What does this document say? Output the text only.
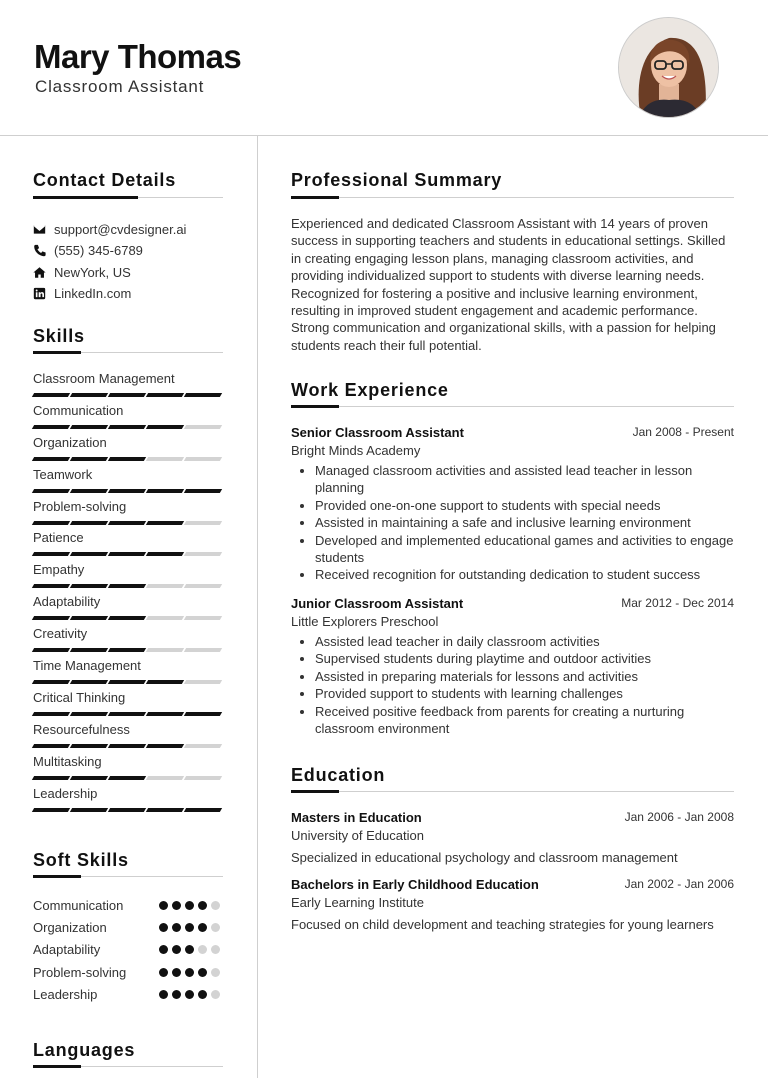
Mary Thomas
Classroom Assistant
Contact Details
support@cvdesigner.ai
(555) 345-6789
NewYork, US
LinkedIn.com
Skills
Classroom Management
Communication
Organization
Teamwork
Problem-solving
Patience
Empathy
Adaptability
Creativity
Time Management
Critical Thinking
Resourcefulness
Multitasking
Leadership
Soft Skills
Communication
Organization
Adaptability
Problem-solving
Leadership
Languages
Professional Summary
Experienced and dedicated Classroom Assistant with 14 years of proven success in supporting teachers and students in educational settings. Skilled in creating engaging lesson plans, managing classroom activities, and providing individualized support to students with diverse learning needs. Recognized for fostering a positive and inclusive learning environment, resulting in improved student engagement and academic performance. Strong communication and organizational skills, with a passion for helping students reach their full potential.
Work Experience
Senior Classroom Assistant	Jan 2008 - Present
Bright Minds Academy
Managed classroom activities and assisted lead teacher in lesson planning
Provided one-on-one support to students with special needs
Assisted in maintaining a safe and inclusive learning environment
Developed and implemented educational games and activities to engage students
Received recognition for outstanding dedication to student success
Junior Classroom Assistant	Mar 2012 - Dec 2014
Little Explorers Preschool
Assisted lead teacher in daily classroom activities
Supervised students during playtime and outdoor activities
Assisted in preparing materials for lessons and activities
Provided support to students with learning challenges
Received positive feedback from parents for creating a nurturing classroom environment
Education
Masters in Education	Jan 2006 - Jan 2008
University of Education
Specialized in educational psychology and classroom management
Bachelors in Early Childhood Education	Jan 2002 - Jan 2006
Early Learning Institute
Focused on child development and teaching strategies for young learners
